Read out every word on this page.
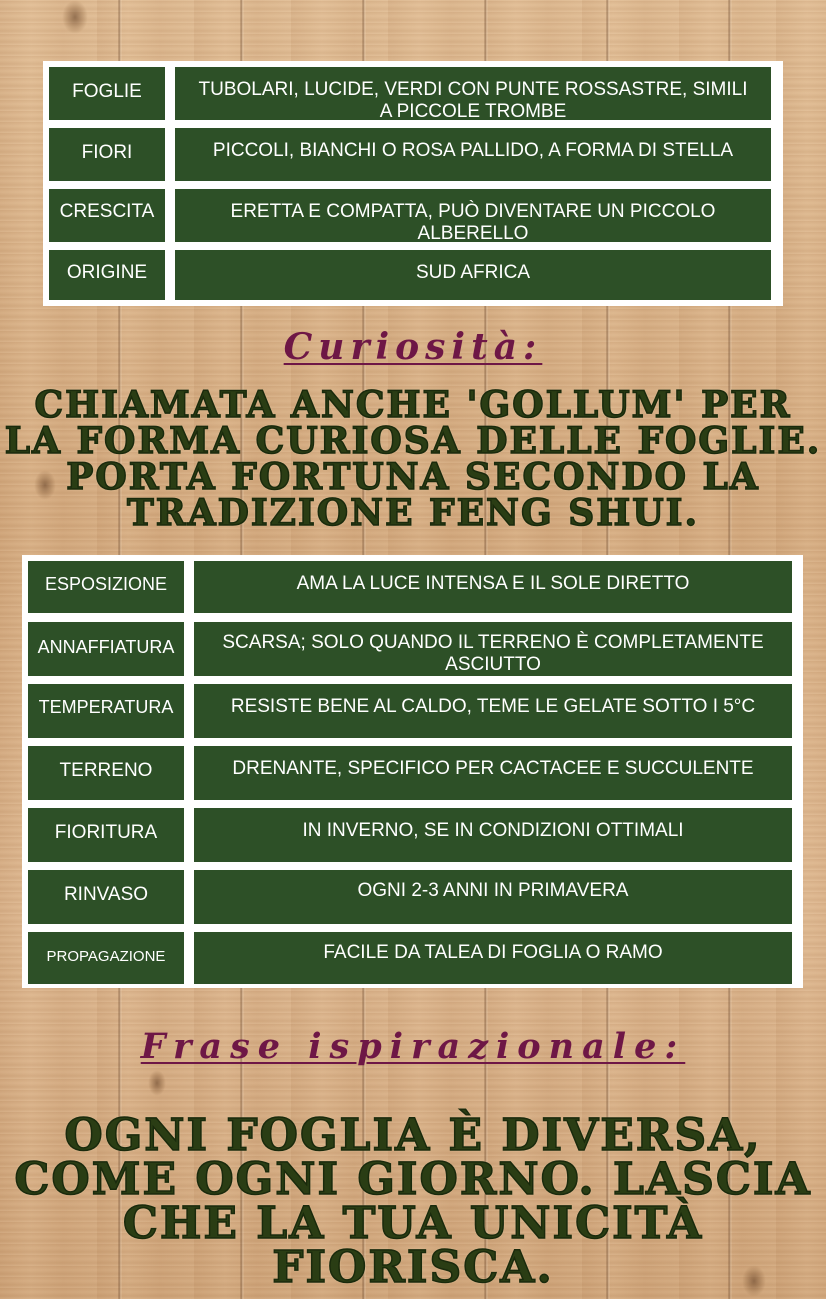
FOGLIE	TUBOLARI, LUCIDE, VERDI CON PUNTE ROSSASTRE, SIMILI A PICCOLE TROMBE
FIORI	PICCOLI, BIANCHI O ROSA PALLIDO, A FORMA DI STELLA
CRESCITA	ERETTA E COMPATTA, PUÒ DIVENTARE UN PICCOLO ALBERELLO
ORIGINE	SUD AFRICA
Curiosità:
CHIAMATA ANCHE 'GOLLUM' PER LA FORMA CURIOSA DELLE FOGLIE. PORTA FORTUNA SECONDO LA TRADIZIONE FENG SHUI.
ESPOSIZIONE	AMA LA LUCE INTENSA E IL SOLE DIRETTO
ANNAFFIATURA	SCARSA; SOLO QUANDO IL TERRENO È COMPLETAMENTE ASCIUTTO
TEMPERATURA	RESISTE BENE AL CALDO, TEME LE GELATE SOTTO I 5°C
TERRENO	DRENANTE, SPECIFICO PER CACTACEE E SUCCULENTE
FIORITURA	IN INVERNO, SE IN CONDIZIONI OTTIMALI
RINVASO	OGNI 2-3 ANNI IN PRIMAVERA
PROPAGAZIONE	FACILE DA TALEA DI FOGLIA O RAMO
Frase ispirazionale:
OGNI FOGLIA È DIVERSA, COME OGNI GIORNO. LASCIA CHE LA TUA UNICITÀ FIORISCA.
